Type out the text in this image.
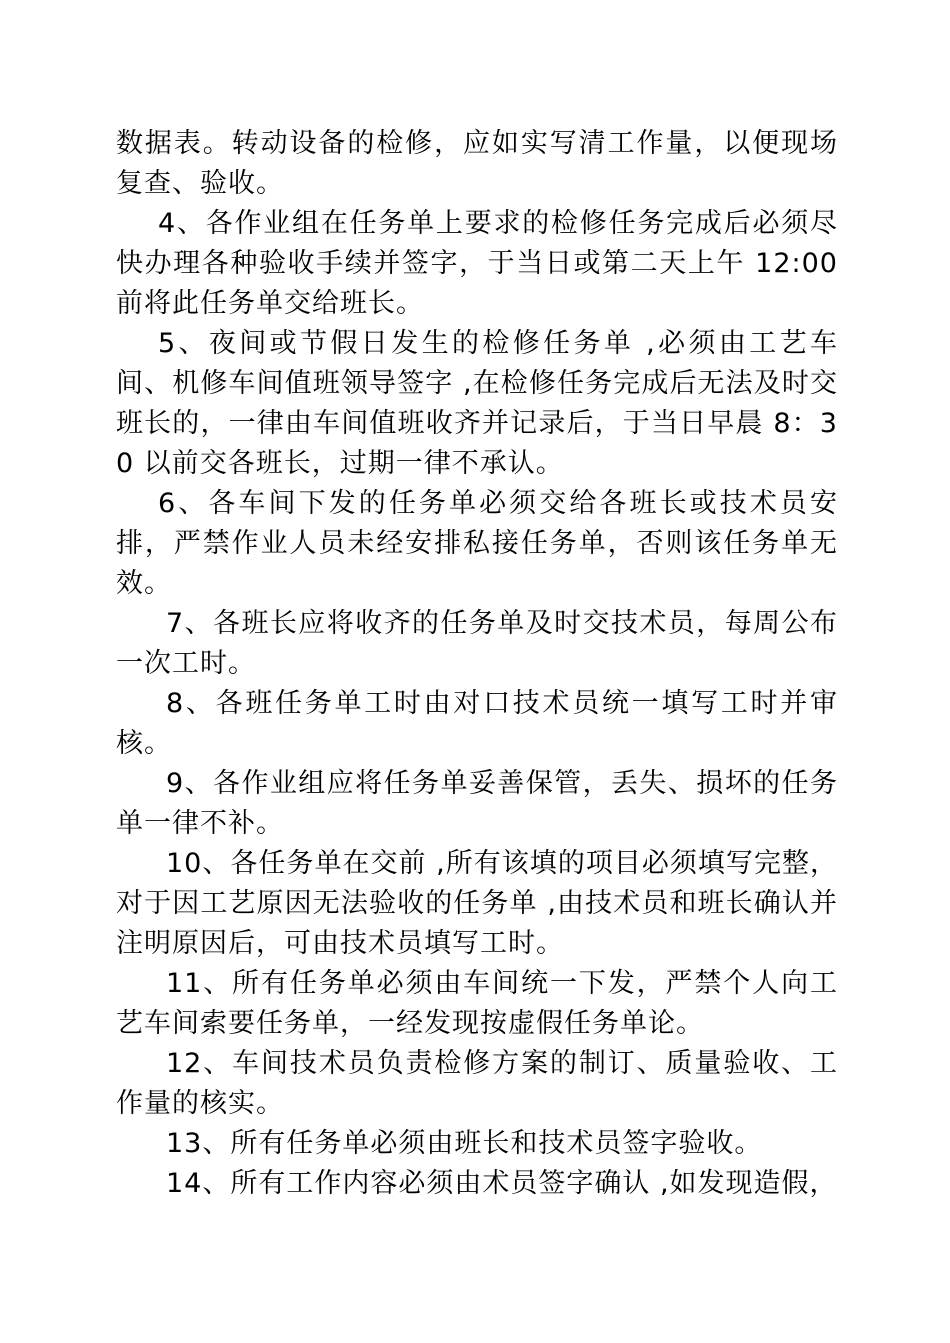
数据表。转动设备的检修，应如实写清工作量，以便现场复查、验收。

4、各作业组在任务单上要求的检修任务完成后必须尽快办理各种验收手续并签字，于当日或第二天上午 12:00 前将此任务单交给班长。

5、夜间或节假日发生的检修任务单 ,必须由工艺车间、机修车间值班领导签字 ,在检修任务完成后无法及时交班长的，一律由车间值班收齐并记录后，于当日早晨 8：30 以前交各班长，过期一律不承认。

6、各车间下发的任务单必须交给各班长或技术员安排，严禁作业人员未经安排私接任务单，否则该任务单无效。

7、各班长应将收齐的任务单及时交技术员，每周公布一次工时。

8、各班任务单工时由对口技术员统一填写工时并审核。

9、各作业组应将任务单妥善保管，丢失、损坏的任务单一律不补。

10、各任务单在交前 ,所有该填的项目必须填写完整，对于因工艺原因无法验收的任务单 ,由技术员和班长确认并注明原因后，可由技术员填写工时。

11、所有任务单必须由车间统一下发，严禁个人向工艺车间索要任务单，一经发现按虚假任务单论。

12、车间技术员负责检修方案的制订、质量验收、工作量的核实。

13、所有任务单必须由班长和技术员签字验收。

14、所有工作内容必须由术员签字确认 ,如发现造假，
